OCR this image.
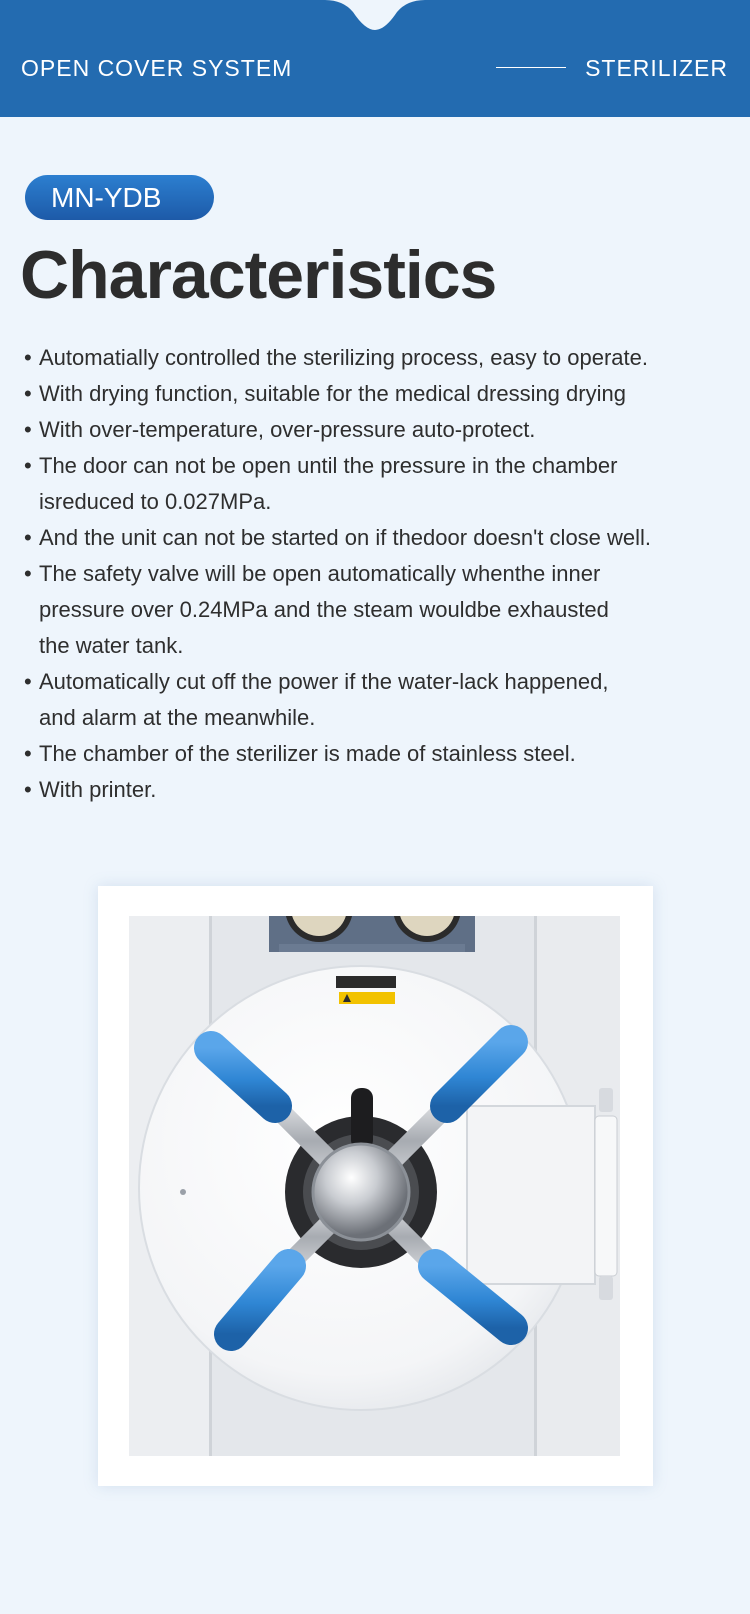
OPEN COVER SYSTEM	STERILIZER
MN-YDB
Characteristics
• Automatially controlled the sterilizing process, easy to operate.
• With drying function, suitable for the medical dressing drying
• With over-temperature, over-pressure auto-protect.
• The door can not be open until the pressure in the chamber
isreduced to 0.027MPa.
• And the unit can not be started on if thedoor doesn't close well.
• The safety valve will be open automatically whenthe inner
pressure over 0.24MPa and the steam wouldbe exhausted
the water tank.
• Automatically cut off the power if the water-lack happened,
and alarm at the meanwhile.
• The chamber of the sterilizer is made of stainless steel.
• With printer.
